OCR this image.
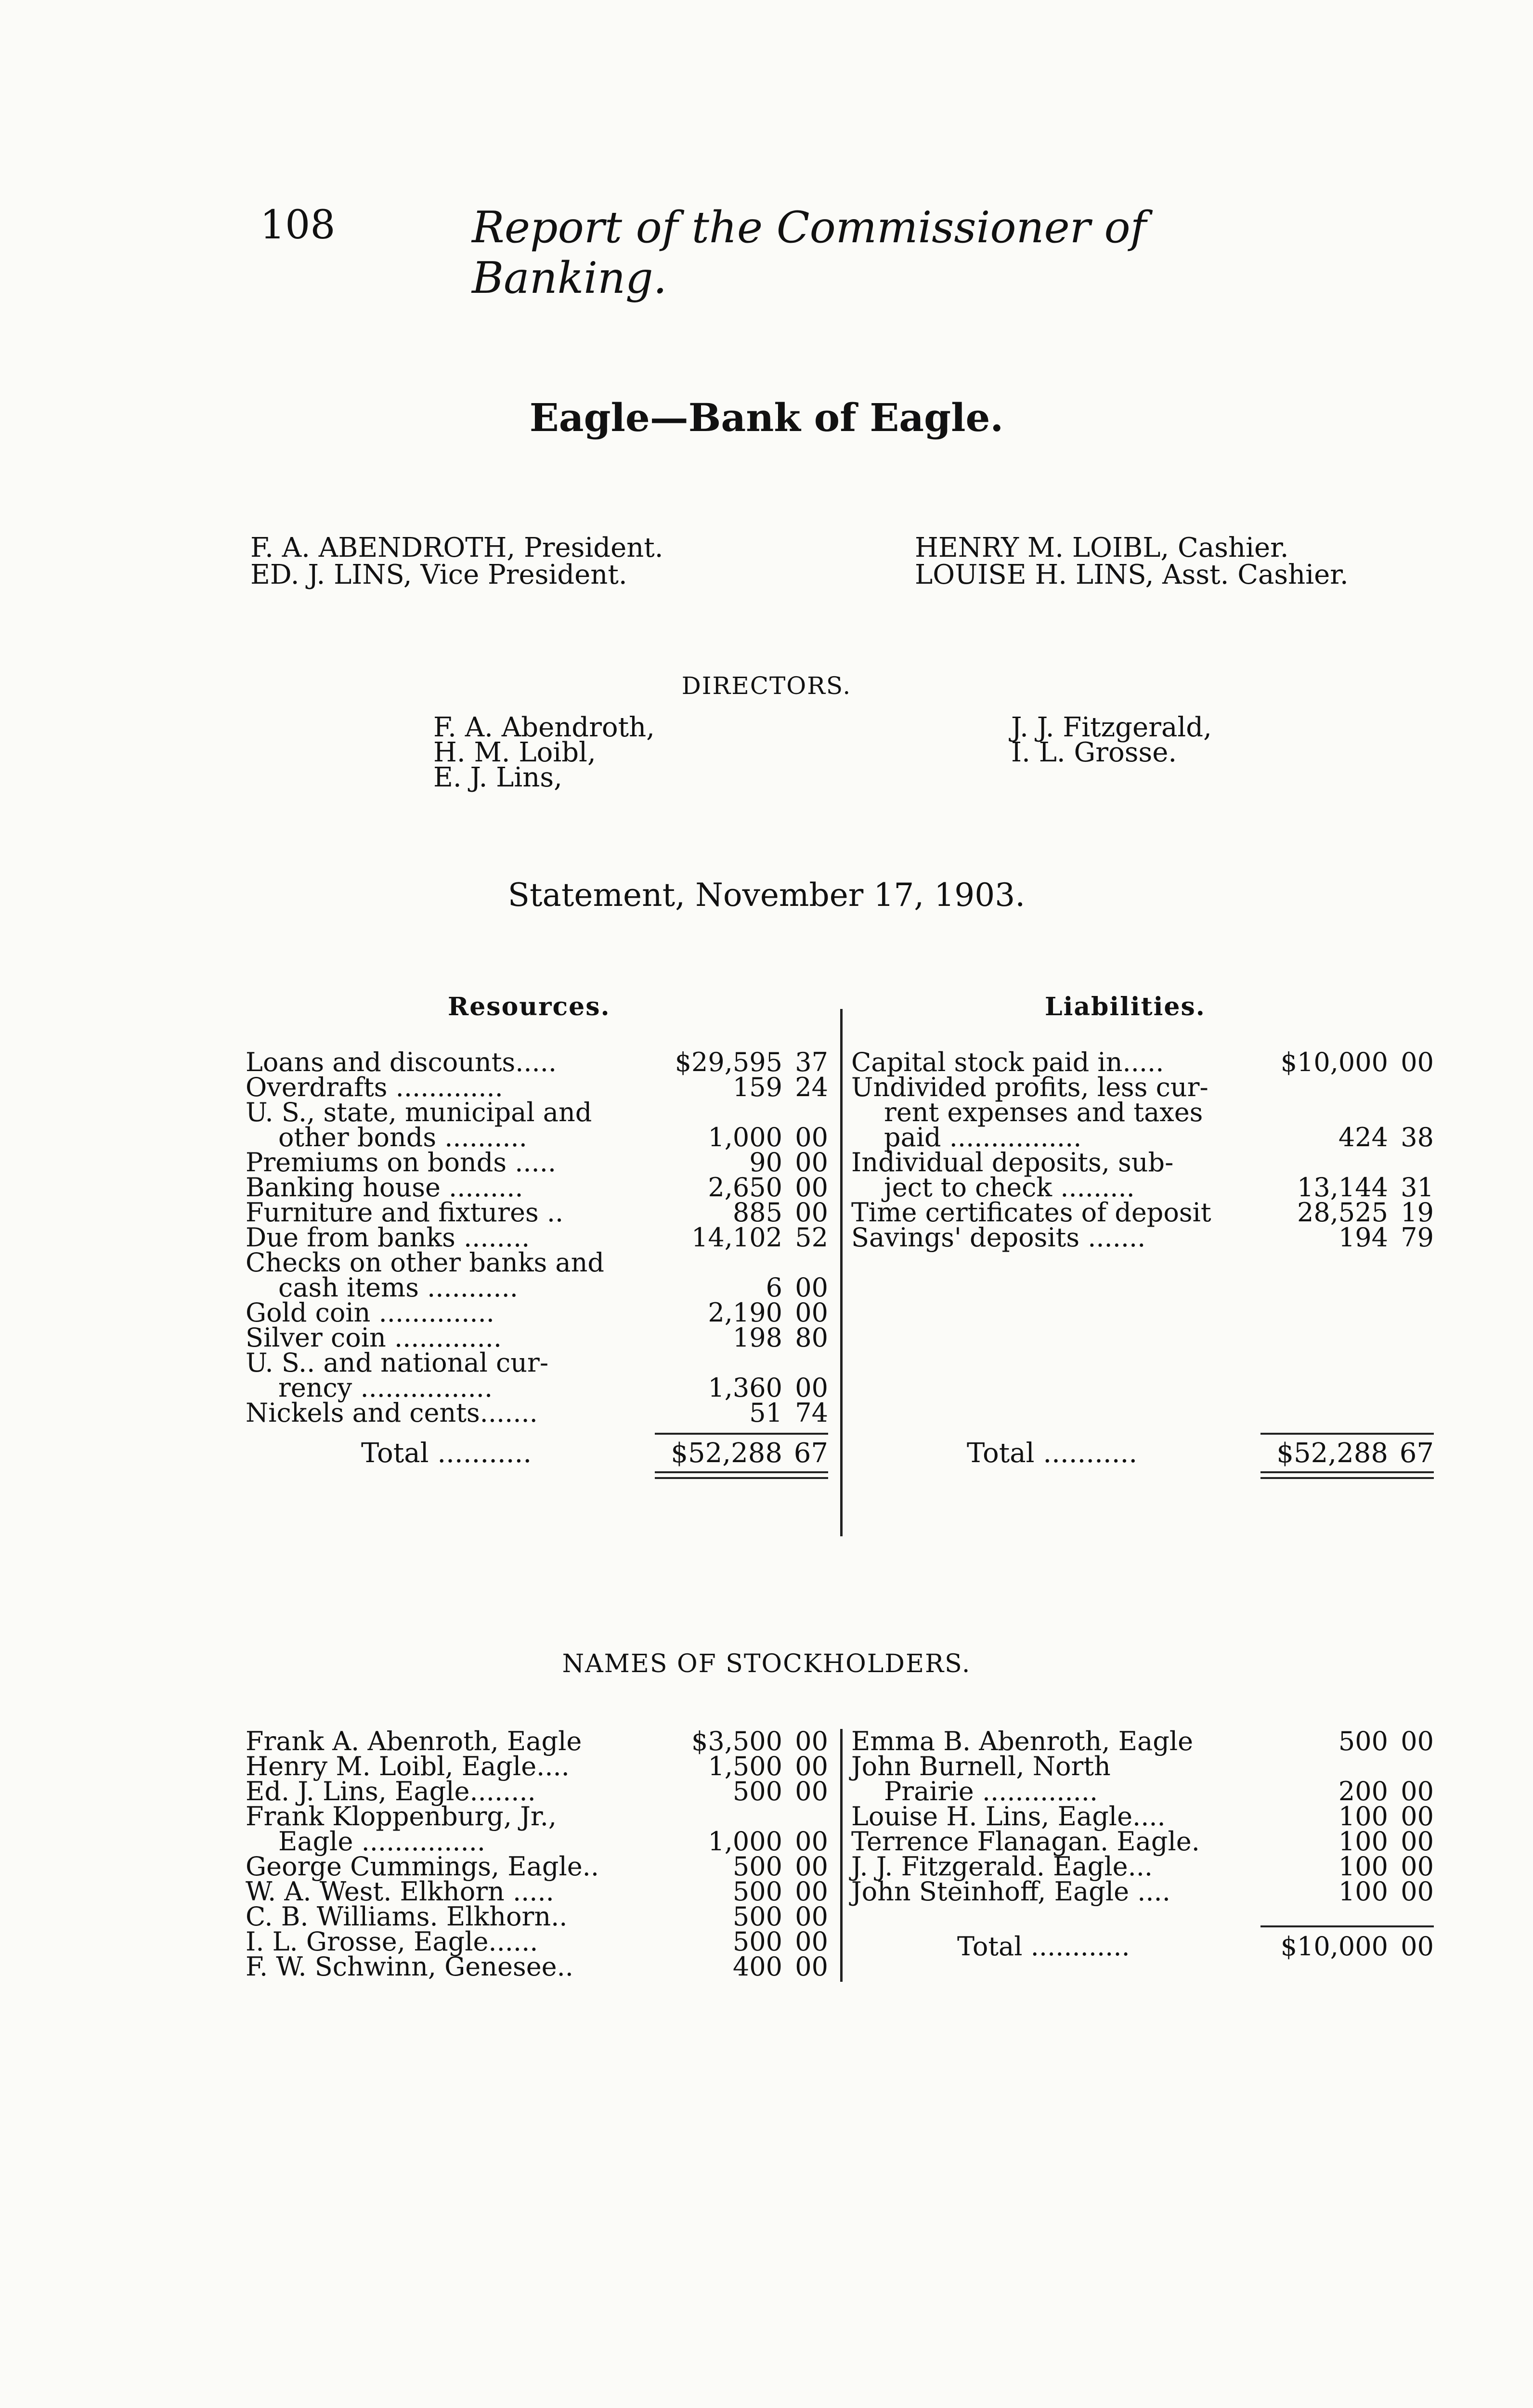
108	Report of the Commissioner of Banking.
Eagle—Bank of Eagle.
F. A. ABENDROTH, President.
ED. J. LINS, Vice President.
HENRY M. LOIBL, Cashier.
LOUISE H. LINS, Asst. Cashier.
DIRECTORS.
F. A. Abendroth,
H. M. Loibl,
E. J. Lins,
J. J. Fitzgerald,
I. L. Grosse.
Statement, November 17, 1903.
Resources.	Liabilities.
Loans and discounts.....	$29,595 37
Overdrafts .............	159 24
U. S., state, municipal and
other bonds ..........	1,000 00
Premiums on bonds .....	90 00
Banking house .........	2,650 00
Furniture and fixtures ..	885 00
Due from banks ........	14,102 52
Checks on other banks and
cash items ...........	6 00
Gold coin ..............	2,190 00
Silver coin .............	198 80
U. S.. and national cur-
rency ................	1,360 00
Nickels and cents.......	51 74
Capital stock paid in.....	$10,000 00
Undivided profits, less cur-
rent expenses and taxes
paid ................	424 38
Individual deposits, sub-
ject to check .........	13,144 31
Time certificates of deposit	28,525 19
Savings' deposits .......	194 79
Total ...........	$52,288 67	Total ...........	$52,288 67
NAMES OF STOCKHOLDERS.
Frank A. Abenroth, Eagle	$3,500 00
Henry M. Loibl, Eagle....	1,500 00
Ed. J. Lins, Eagle........	500 00
Frank Kloppenburg, Jr.,
Eagle ...............	1,000 00
George Cummings, Eagle..	500 00
W. A. West. Elkhorn .....	500 00
C. B. Williams. Elkhorn..	500 00
I. L. Grosse, Eagle......	500 00
F. W. Schwinn, Genesee..	400 00
Emma B. Abenroth, Eagle	500 00
John Burnell, North
Prairie ..............	200 00
Louise H. Lins, Eagle....	100 00
Terrence Flanagan. Eagle.	100 00
J. J. Fitzgerald. Eagle...	100 00
John Steinhoff, Eagle ....	100 00
Total ............	$10,000 00
